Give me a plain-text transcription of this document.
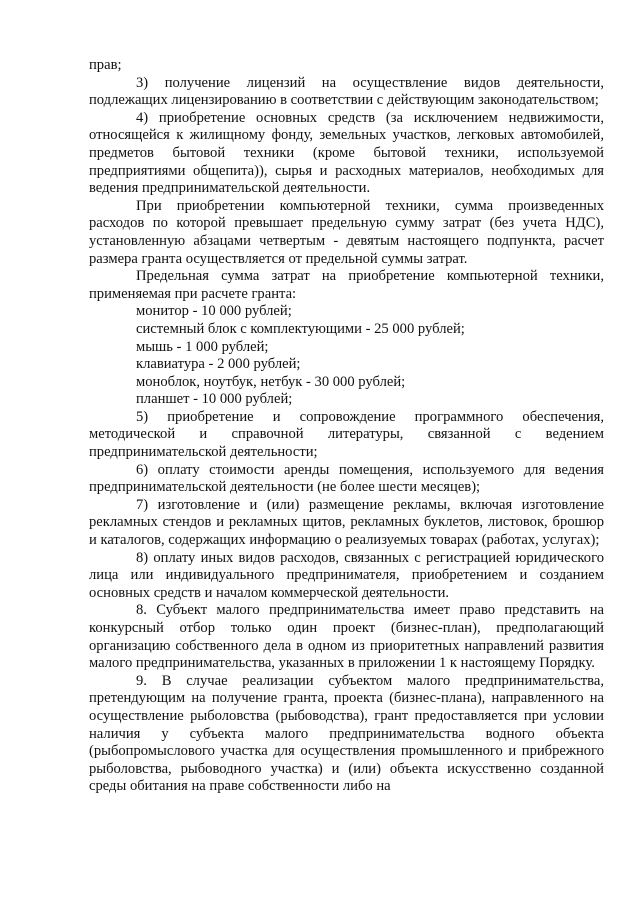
прав;

3) получение лицензий на осуществление видов деятельности, подлежащих лицензированию в соответствии с действующим законодательством;

4) приобретение основных средств (за исключением недвижимости, относящейся к жилищному фонду, земельных участков, легковых автомобилей, предметов бытовой техники (кроме бытовой техники, используемой предприятиями общепита)), сырья и расходных материалов, необходимых для ведения предпринимательской деятельности.

При приобретении компьютерной техники, сумма произведенных расходов по которой превышает предельную сумму затрат (без учета НДС), установленную абзацами четвертым - девятым настоящего подпункта, расчет размера гранта осуществляется от предельной суммы затрат.

Предельная сумма затрат на приобретение компьютерной техники, применяемая при расчете гранта:

монитор - 10 000 рублей;

системный блок с комплектующими - 25 000 рублей;

мышь - 1 000 рублей;

клавиатура - 2 000 рублей;

моноблок, ноутбук, нетбук - 30 000 рублей;

планшет - 10 000 рублей;

5) приобретение и сопровождение программного обеспечения, методической и справочной литературы, связанной с ведением предпринимательской деятельности;

6) оплату стоимости аренды помещения, используемого для ведения предпринимательской деятельности (не более шести месяцев);

7) изготовление и (или) размещение рекламы, включая изготовление рекламных стендов и рекламных щитов, рекламных буклетов, листовок, брошюр и каталогов, содержащих информацию о реализуемых товарах (работах, услугах);

8) оплату иных видов расходов, связанных с регистрацией юридического лица или индивидуального предпринимателя, приобретением и созданием основных средств и началом коммерческой деятельности.

8. Субъект малого предпринимательства имеет право представить на конкурсный отбор только один проект (бизнес-план), предполагающий организацию собственного дела в одном из приоритетных направлений развития малого предпринимательства, указанных в приложении 1 к настоящему Порядку.

9. В случае реализации субъектом малого предпринимательства, претендующим на получение гранта, проекта (бизнес-плана), направленного на осуществление рыболовства (рыбоводства), грант предоставляется при условии наличия у субъекта малого предпринимательства водного объекта (рыбопромыслового участка для осуществления промышленного и прибрежного рыболовства, рыбоводного участка) и (или) объекта искусственно созданной среды обитания на праве собственности либо на
